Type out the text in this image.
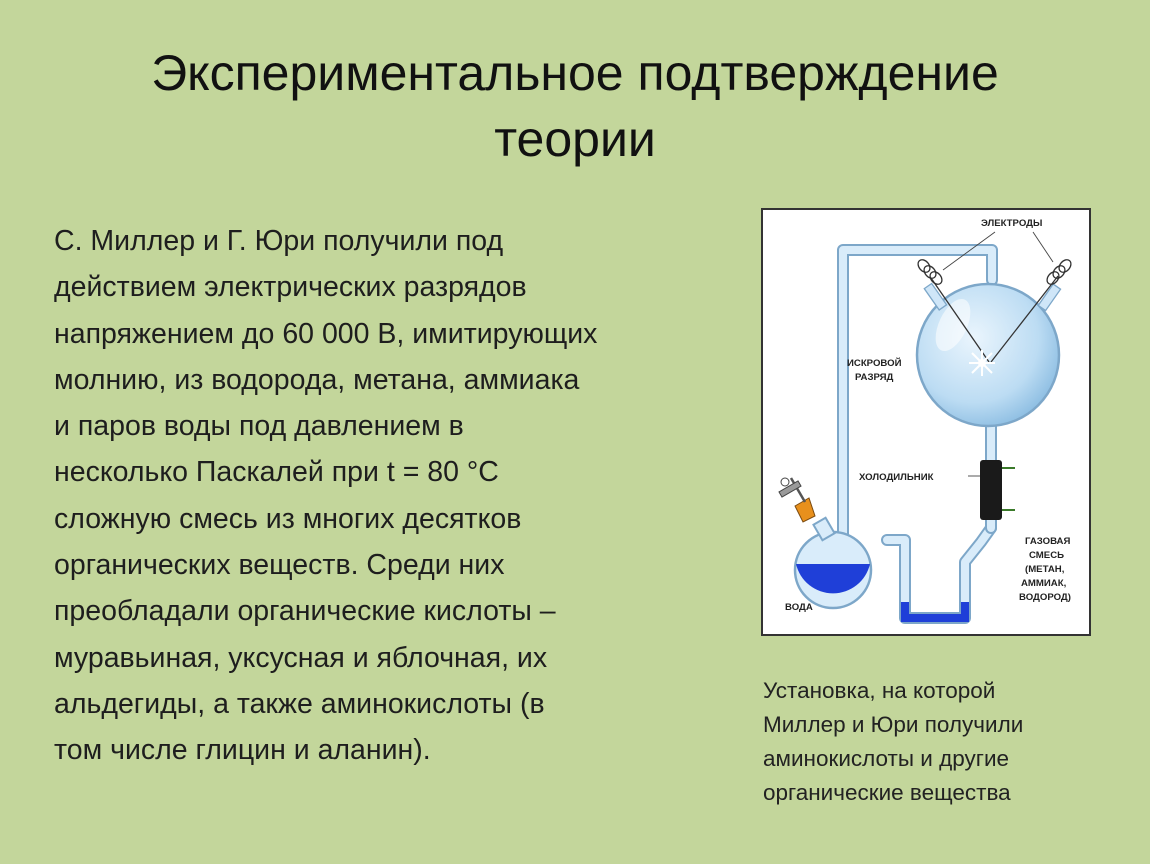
Экспериментальное подтверждение
теории
С. Миллер и Г. Юри получили под
действием электрических разрядов
напряжением до 60 000 В, имитирующих
молнию, из водорода, метана, аммиака
и паров воды под давлением в
несколько Паскалей при t = 80 °C
сложную смесь из многих десятков
органических веществ. Среди них
преобладали органические кислоты –
муравьиная, уксусная и яблочная, их
альдегиды, а также аминокислоты (в
том числе глицин и аланин).
ЭЛЕКТРОДЫ
ИСКРОВОЙ
РАЗРЯД
ХОЛОДИЛЬНИК
ГАЗОВАЯ
СМЕСЬ
(МЕТАН,
АММИАК,
ВОДОРОД)
ВОДА
Установка, на которой
Миллер и Юри получили
аминокислоты и другие
органические вещества
